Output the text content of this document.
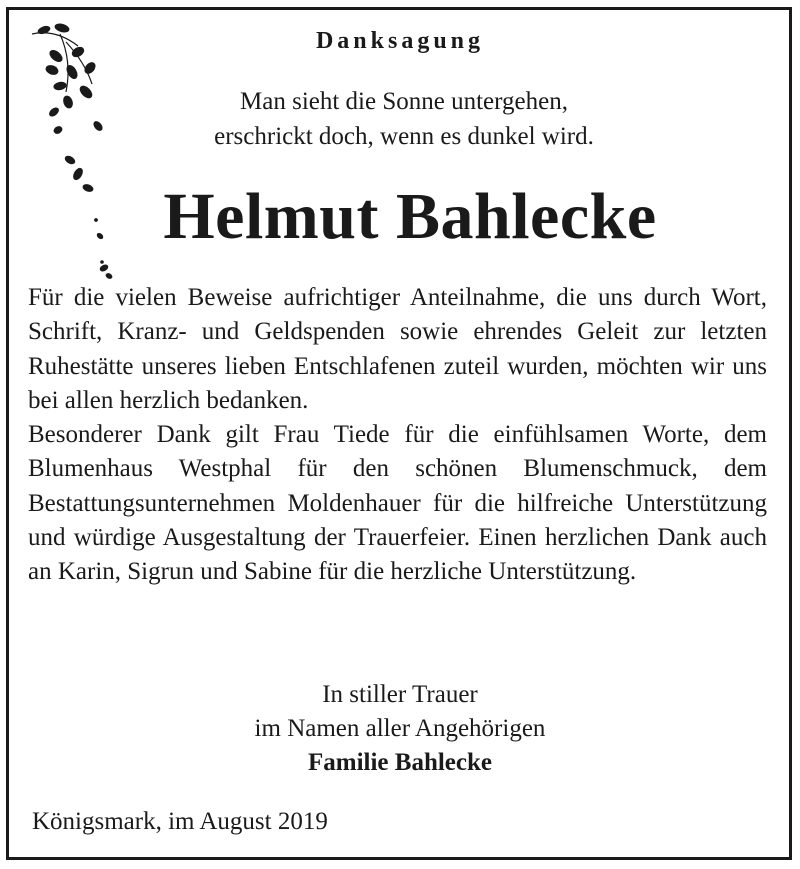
Danksagung
Man sieht die Sonne untergehen,
erschrickt doch, wenn es dunkel wird.
Helmut Bahlecke

Für die vielen Beweise aufrichtiger Anteilnahme, die uns durch Wort, Schrift, Kranz- und Geldspenden sowie ehrendes Geleit zur letzten Ruhestätte unseres lieben Entschlafenen zuteil wurden, möchten wir uns bei allen herzlich bedanken.

Besonderer Dank gilt Frau Tiede für die einfühlsamen Worte, dem Blumenhaus Westphal für den schönen Blumenschmuck, dem Bestattungsunternehmen Moldenhauer für die hilfreiche Unterstützung und würdige Ausgestaltung der Trauerfeier. Einen herzlichen Dank auch an Karin, Sigrun und Sabine für die herzliche Unterstützung.

In stiller Trauer
im Namen aller Angehörigen
Familie Bahlecke
Königsmark, im August 2019
